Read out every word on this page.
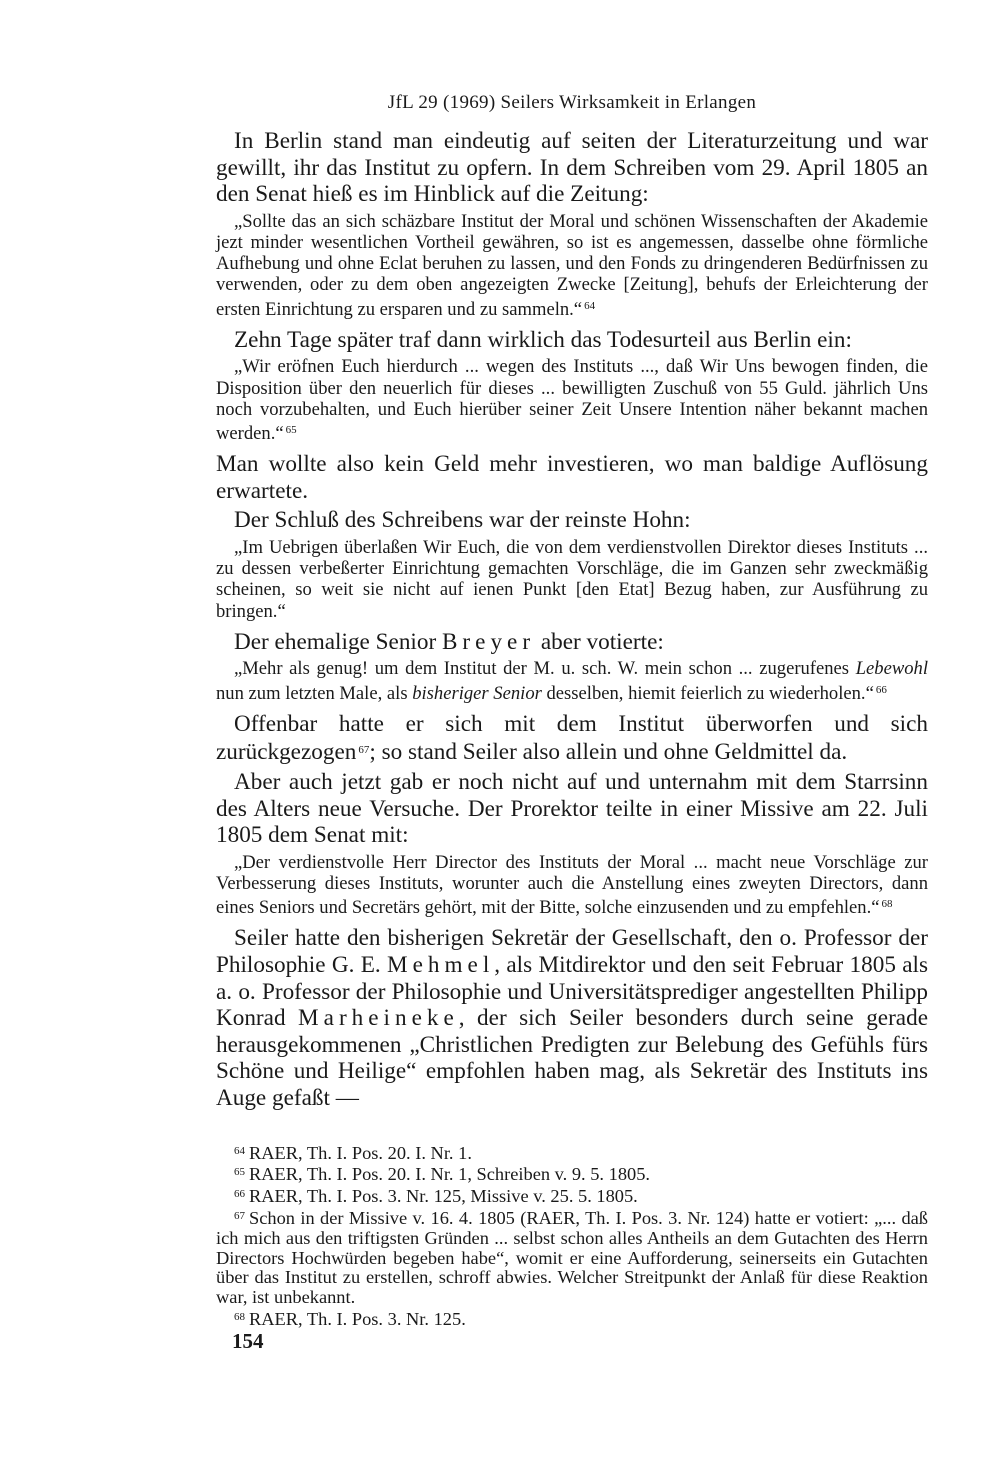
JfL 29 (1969) Seilers Wirksamkeit in Erlangen

In Berlin stand man eindeutig auf seiten der Literaturzeitung und war gewillt, ihr das Institut zu opfern. In dem Schreiben vom 29. April 1805 an den Senat hieß es im Hinblick auf die Zeitung:

„Sollte das an sich schäzbare Institut der Moral und schönen Wissenschaften der Akademie jezt minder wesentlichen Vortheil gewähren, so ist es angemessen, dasselbe ohne förmliche Aufhebung und ohne Eclat beruhen zu lassen, und den Fonds zu dringenderen Bedürfnissen zu verwenden, oder zu dem oben angezeigten Zwecke [Zeitung], behufs der Erleichterung der ersten Einrichtung zu ersparen und zu sammeln.“ $^{64}$

Zehn Tage später traf dann wirklich das Todesurteil aus Berlin ein:

„Wir eröfnen Euch hierdurch ... wegen des Instituts ..., daß Wir Uns bewogen finden, die Disposition über den neuerlich für dieses ... bewilligten Zuschuß von 55 Guld. jährlich Uns noch vorzubehalten, und Euch hierüber seiner Zeit Unsere Intention näher bekannt machen werden.“ $^{65}$

Man wollte also kein Geld mehr investieren, wo man baldige Auflösung erwartete.

Der Schluß des Schreibens war der reinste Hohn:

„Im Uebrigen überlaßen Wir Euch, die von dem verdienstvollen Direktor dieses Instituts ... zu dessen verbeßerter Einrichtung gemachten Vorschläge, die im Ganzen sehr zweckmäßig scheinen, so weit sie nicht auf ienen Punkt [den Etat] Bezug haben, zur Ausführung zu bringen.“

Der ehemalige Senior Breyer aber votierte:

„Mehr als genug! um dem Institut der M. u. sch. W. mein schon ... zugerufenes Lebewohl nun zum letzten Male, als bisheriger Senior desselben, hiemit feierlich zu wiederholen.“ $^{66}$

Offenbar hatte er sich mit dem Institut überworfen und sich zurückgezogen $^{67}$; so stand Seiler also allein und ohne Geldmittel da.

Aber auch jetzt gab er noch nicht auf und unternahm mit dem Starrsinn des Alters neue Versuche. Der Prorektor teilte in einer Missive am 22. Juli 1805 dem Senat mit:

„Der verdienstvolle Herr Director des Instituts der Moral ... macht neue Vorschläge zur Verbesserung dieses Instituts, worunter auch die Anstellung eines zweyten Directors, dann eines Seniors und Secretärs gehört, mit der Bitte, solche einzusenden und zu empfehlen.“ $^{68}$

Seiler hatte den bisherigen Sekretär der Gesellschaft, den o. Professor der Philosophie G. E. Mehmel, als Mitdirektor und den seit Februar 1805 als a. o. Professor der Philosophie und Universitätsprediger angestellten Philipp Konrad Marheineke, der sich Seiler besonders durch seine gerade herausgekommenen „Christlichen Predigten zur Belebung des Gefühls fürs Schöne und Heilige“ empfohlen haben mag, als Sekretär des Instituts ins Auge gefaßt —

$^{64}$ RAER, Th. I. Pos. 20. I. Nr. 1.

$^{65}$ RAER, Th. I. Pos. 20. I. Nr. 1, Schreiben v. 9. 5. 1805.

$^{66}$ RAER, Th. I. Pos. 3. Nr. 125, Missive v. 25. 5. 1805.

$^{67}$ Schon in der Missive v. 16. 4. 1805 (RAER, Th. I. Pos. 3. Nr. 124) hatte er votiert: „... daß ich mich aus den triftigsten Gründen ... selbst schon alles Antheils an dem Gutachten des Herrn Directors Hochwürden begeben habe“, womit er eine Aufforderung, seinerseits ein Gutachten über das Institut zu erstellen, schroff abwies. Welcher Streitpunkt der Anlaß für diese Reaktion war, ist unbekannt.

$^{68}$ RAER, Th. I. Pos. 3. Nr. 125.

154
